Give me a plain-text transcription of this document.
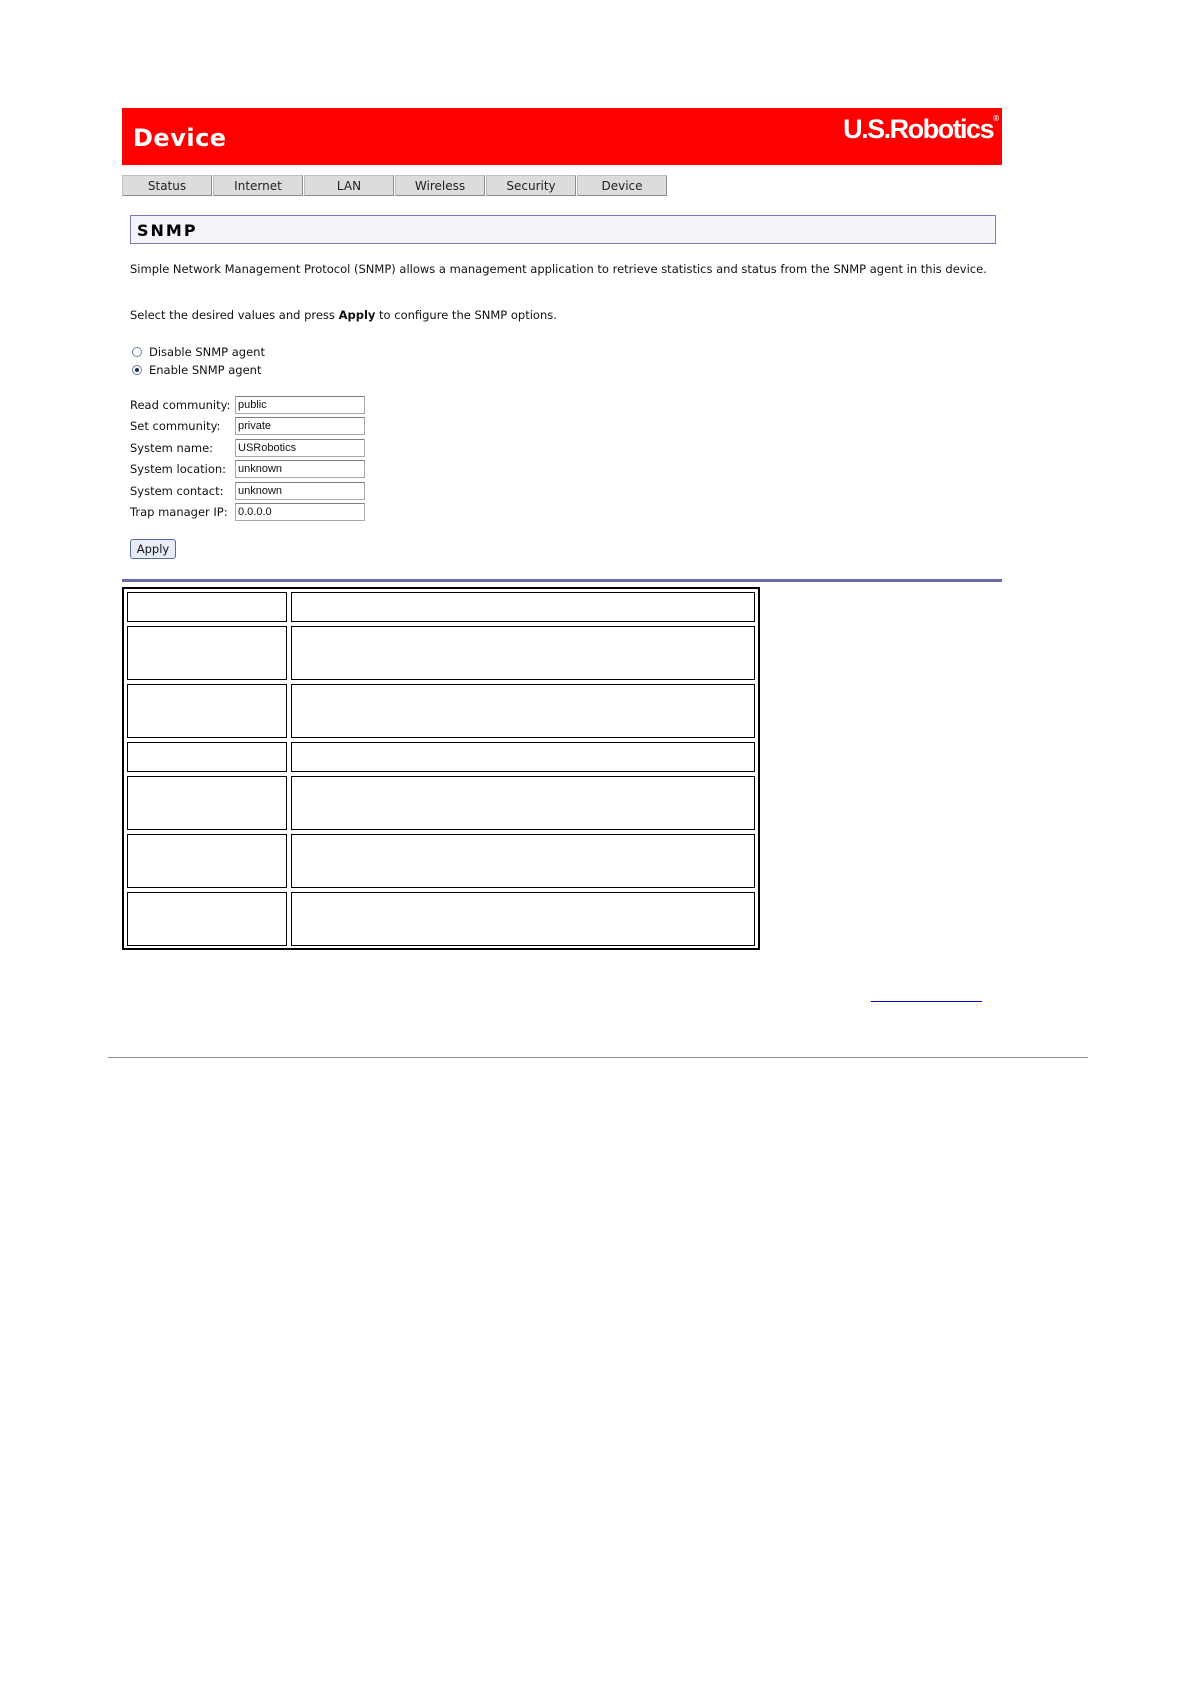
Device	U.S.Robotics®
Status	Internet	LAN	Wireless	Security	Device
SNMP
Simple Network Management Protocol (SNMP) allows a management application to retrieve statistics and status from the SNMP agent in this device.
Select the desired values and press Apply to configure the SNMP options.
Disable SNMP agent
Enable SNMP agent
Read community:
public
Set community:
private
System name:
USRobotics
System location:
unknown
System contact:
unknown
Trap manager IP:
0.0.0.0
Apply
